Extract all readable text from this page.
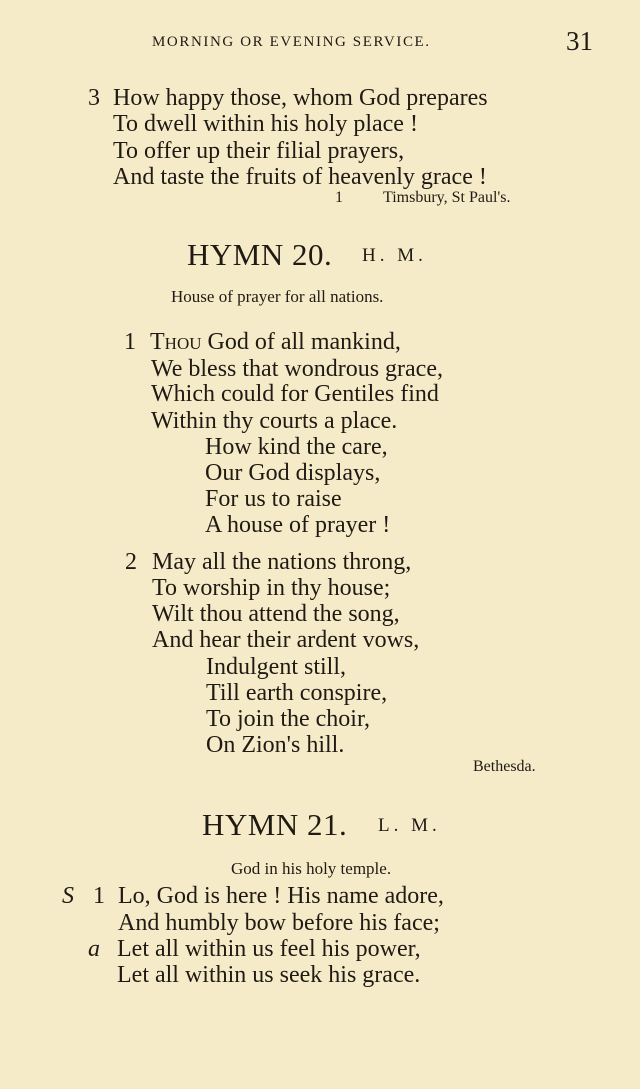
MORNING OR EVENING SERVICE.	31
3 How happy those, whom God prepares
To dwell within his holy place !
To offer up their filial prayers,
And taste the fruits of heavenly grace !
1	Timsbury, St Paul's.
HYMN 20. H. M.
House of prayer for all nations.
1 THOU God of all mankind,
We bless that wondrous grace,
Which could for Gentiles find
Within thy courts a place.
How kind the care,
Our God displays,
For us to raise
A house of prayer !
2 May all the nations throng,
To worship in thy house;
Wilt thou attend the song,
And hear their ardent vows,
Indulgent still,
Till earth conspire,
To join the choir,
On Zion's hill.
Bethesda.
HYMN 21. L. M.
God in his holy temple.
S 1 Lo, God is here ! His name adore,
And humbly bow before his face;
a Let all within us feel his power,
Let all within us seek his grace.
